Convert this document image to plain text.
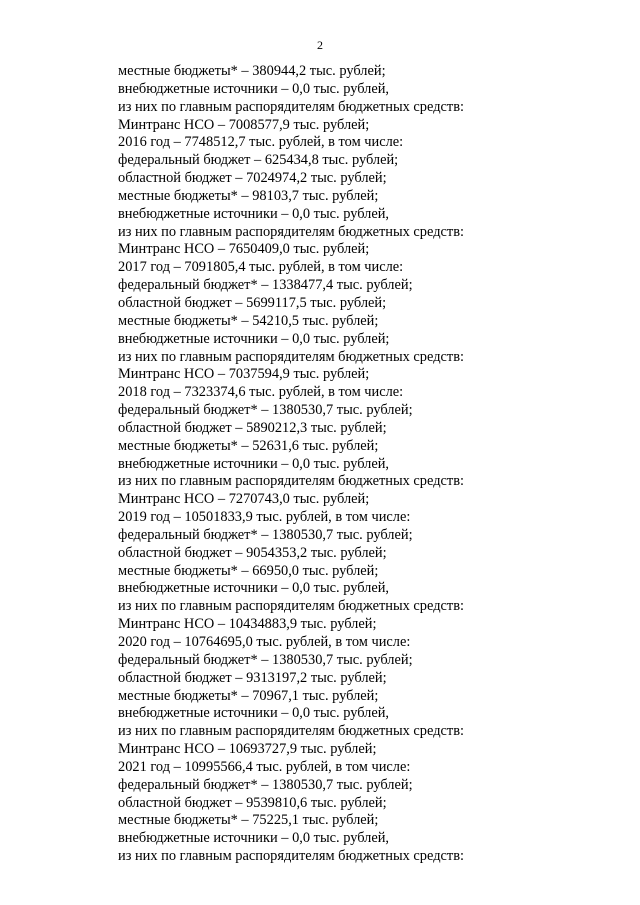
2

местные бюджеты* – 380944,2 тыс. рублей;

внебюджетные источники – 0,0 тыс. рублей,

из них по главным распорядителям бюджетных средств:

Минтранс НСО – 7008577,9 тыс. рублей;

2016 год – 7748512,7 тыс. рублей, в том числе:

федеральный бюджет – 625434,8 тыс. рублей;

областной бюджет – 7024974,2 тыс. рублей;

местные бюджеты* – 98103,7 тыс. рублей;

внебюджетные источники – 0,0 тыс. рублей,

из них по главным распорядителям бюджетных средств:

Минтранс НСО – 7650409,0 тыс. рублей;

2017 год – 7091805,4 тыс. рублей, в том числе:

федеральный бюджет* – 1338477,4 тыс. рублей;

областной бюджет – 5699117,5 тыс. рублей;

местные бюджеты* – 54210,5 тыс. рублей;

внебюджетные источники – 0,0 тыс. рублей;

из них по главным распорядителям бюджетных средств:

Минтранс НСО – 7037594,9 тыс. рублей;

2018 год – 7323374,6 тыс. рублей, в том числе:

федеральный бюджет* – 1380530,7 тыс. рублей;

областной бюджет – 5890212,3 тыс. рублей;

местные бюджеты* – 52631,6 тыс. рублей;

внебюджетные источники – 0,0 тыс. рублей,

из них по главным распорядителям бюджетных средств:

Минтранс НСО – 7270743,0 тыс. рублей;

2019 год – 10501833,9 тыс. рублей, в том числе:

федеральный бюджет* – 1380530,7 тыс. рублей;

областной бюджет – 9054353,2 тыс. рублей;

местные бюджеты* – 66950,0 тыс. рублей;

внебюджетные источники – 0,0 тыс. рублей,

из них по главным распорядителям бюджетных средств:

Минтранс НСО – 10434883,9 тыс. рублей;

2020 год – 10764695,0 тыс. рублей, в том числе:

федеральный бюджет* – 1380530,7 тыс. рублей;

областной бюджет – 9313197,2 тыс. рублей;

местные бюджеты* – 70967,1 тыс. рублей;

внебюджетные источники – 0,0 тыс. рублей,

из них по главным распорядителям бюджетных средств:

Минтранс НСО – 10693727,9 тыс. рублей;

2021 год – 10995566,4 тыс. рублей, в том числе:

федеральный бюджет* – 1380530,7 тыс. рублей;

областной бюджет – 9539810,6 тыс. рублей;

местные бюджеты* – 75225,1 тыс. рублей;

внебюджетные источники – 0,0 тыс. рублей,

из них по главным распорядителям бюджетных средств:
